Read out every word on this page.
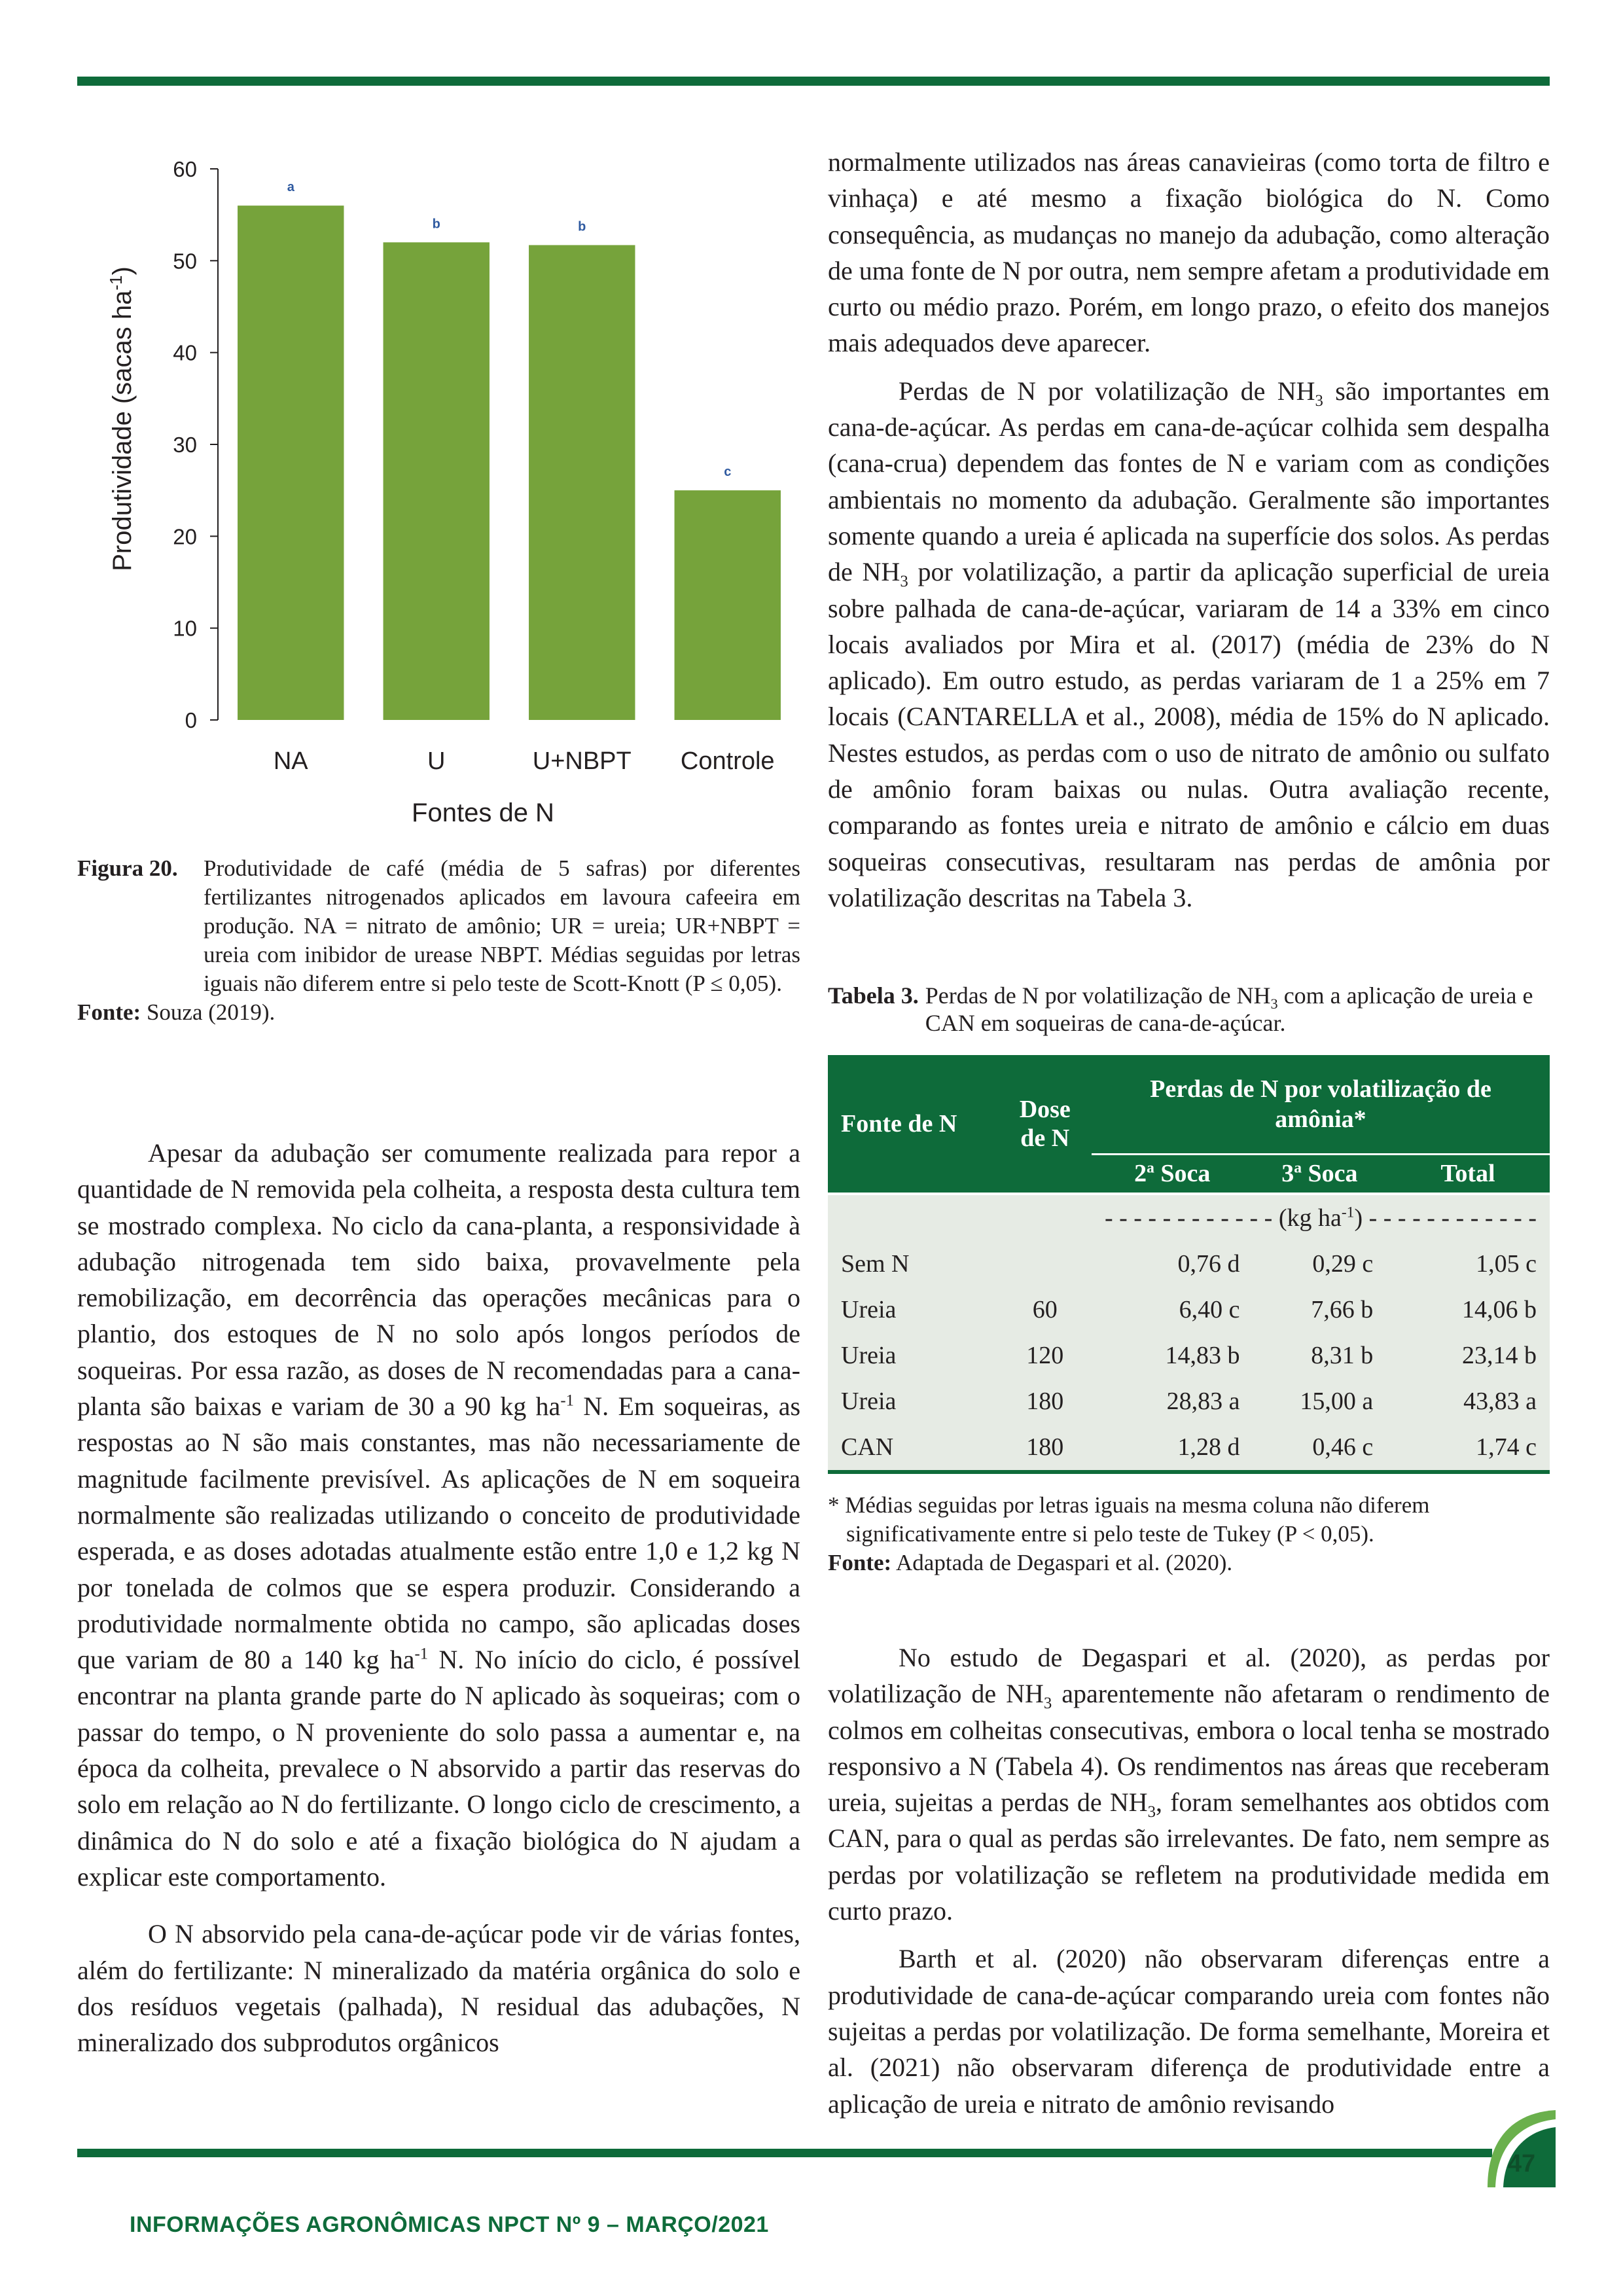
0
10
20
30
40
50
60
a
b	b
c
NA	U	U+NBPT Controle
Produtividade (sacas $ha^{-1}$)
Fontes de N
Figura 20.	Produtividade de café (média de 5 safras) por diferentes fertilizantes nitrogenados aplicados em lavoura cafeeira em produção. NA = nitrato de amônio; UR = ureia; UR+NBPT = ureia com inibidor de urease NBPT. Médias seguidas por letras iguais não diferem entre si pelo teste de Scott-Knott (P ≤ 0,05).
Fonte: Souza (2019).

Apesar da adubação ser comumente realizada para repor a quantidade de N removida pela colheita, a resposta desta cultura tem se mostrado complexa. No ciclo da cana-planta, a responsividade à adubação nitrogenada tem sido baixa, provavelmente pela remobilização, em decorrência das operações mecânicas para o plantio, dos estoques de N no solo após longos períodos de soqueiras. Por essa razão, as doses de N recomendadas para a cana-planta são baixas e variam de 30 a 90 kg $ha^{-1}$ N. Em soqueiras, as respostas ao N são mais constantes, mas não necessariamente de magnitude facilmente previsível. As aplicações de N em soqueira normalmente são realizadas utilizando o conceito de produtividade esperada, e as doses adotadas atualmente estão entre 1,0 e 1,2 kg N por tonelada de colmos que se espera produzir. Considerando a produtividade normalmente obtida no campo, são aplicadas doses que variam de 80 a 140 kg $ha^{-1}$ N. No início do ciclo, é possível encontrar na planta grande parte do N aplicado às soqueiras; com o passar do tempo, o N proveniente do solo passa a aumentar e, na época da colheita, prevalece o N absorvido a partir das reservas do solo em relação ao N do fertilizante. O longo ciclo de crescimento, a dinâmica do N do solo e até a fixação biológica do N ajudam a explicar este comportamento.

O N absorvido pela cana-de-açúcar pode vir de várias fontes, além do fertilizante: N mineralizado da matéria orgânica do solo e dos resíduos vegetais (palhada), N residual das adubações, N mineralizado dos subprodutos orgânicos

normalmente utilizados nas áreas canavieiras (como torta de filtro e vinhaça) e até mesmo a fixação biológica do N. Como consequência, as mudanças no manejo da adubação, como alteração de uma fonte de N por outra, nem sempre afetam a produtividade em curto ou médio prazo. Porém, em longo prazo, o efeito dos manejos mais adequados deve aparecer.

Perdas de N por volatilização de $NH_3$ são importantes em cana-de-açúcar. As perdas em cana-de-açúcar colhida sem despalha (cana-crua) dependem das fontes de N e variam com as condições ambientais no momento da adubação. Geralmente são importantes somente quando a ureia é aplicada na superfície dos solos. As perdas de $NH_3$ por volatilização, a partir da aplicação superficial de ureia sobre palhada de cana-de-açúcar, variaram de 14 a 33% em cinco locais avaliados por Mira et al. (2017) (média de 23% do N aplicado). Em outro estudo, as perdas variaram de 1 a 25% em 7 locais (CANTARELLA et al., 2008), média de 15% do N aplicado. Nestes estudos, as perdas com o uso de nitrato de amônio ou sulfato de amônio foram baixas ou nulas. Outra avaliação recente, comparando as fontes ureia e nitrato de amônio e cálcio em duas soqueiras consecutivas, resultaram nas perdas de amônia por volatilização descritas na Tabela 3.

Tabela 3. Perdas de N por volatilização de $NH_3$ com a aplicação de ureia e CAN em soqueiras de cana-de-açúcar.
Fonte de N	Dose de N	Perdas de N por volatilização de amônia*		
		2$^a$ Soca	3$^a$ Soca	Total
		- - - - - - - - - - - - (kg $ha^{-1}$) - - - - - - - - - - - -		
Sem N		0,76 d	0,29 c	1,05 c
Ureia	60	6,40 c	7,66 b	14,06 b
Ureia	120	14,83 b	8,31 b	23,14 b
Ureia	180	28,83 a	15,00 a	43,83 a
CAN	180	1,28 d	0,46 c	1,74 c
* Médias seguidas por letras iguais na mesma coluna não diferem significativamente entre si pelo teste de Tukey (P < 0,05).
Fonte: Adaptada de Degaspari et al. (2020).

No estudo de Degaspari et al. (2020), as perdas por volatilização de $NH_3$ aparentemente não afetaram o rendimento de colmos em colheitas consecutivas, embora o local tenha se mostrado responsivo a N (Tabela 4). Os rendimentos nas áreas que receberam ureia, sujeitas a perdas de $NH_3$, foram semelhantes aos obtidos com CAN, para o qual as perdas são irrelevantes. De fato, nem sempre as perdas por volatilização se refletem na produtividade medida em curto prazo.

Barth et al. (2020) não observaram diferenças entre a produtividade de cana-de-açúcar comparando ureia com fontes não sujeitas a perdas por volatilização. De forma semelhante, Moreira et al. (2021) não observaram diferença de produtividade entre a aplicação de ureia e nitrato de amônio revisando

47
INFORMAÇÕES AGRONÔMICAS NPCT Nº 9 – MARÇO/2021
